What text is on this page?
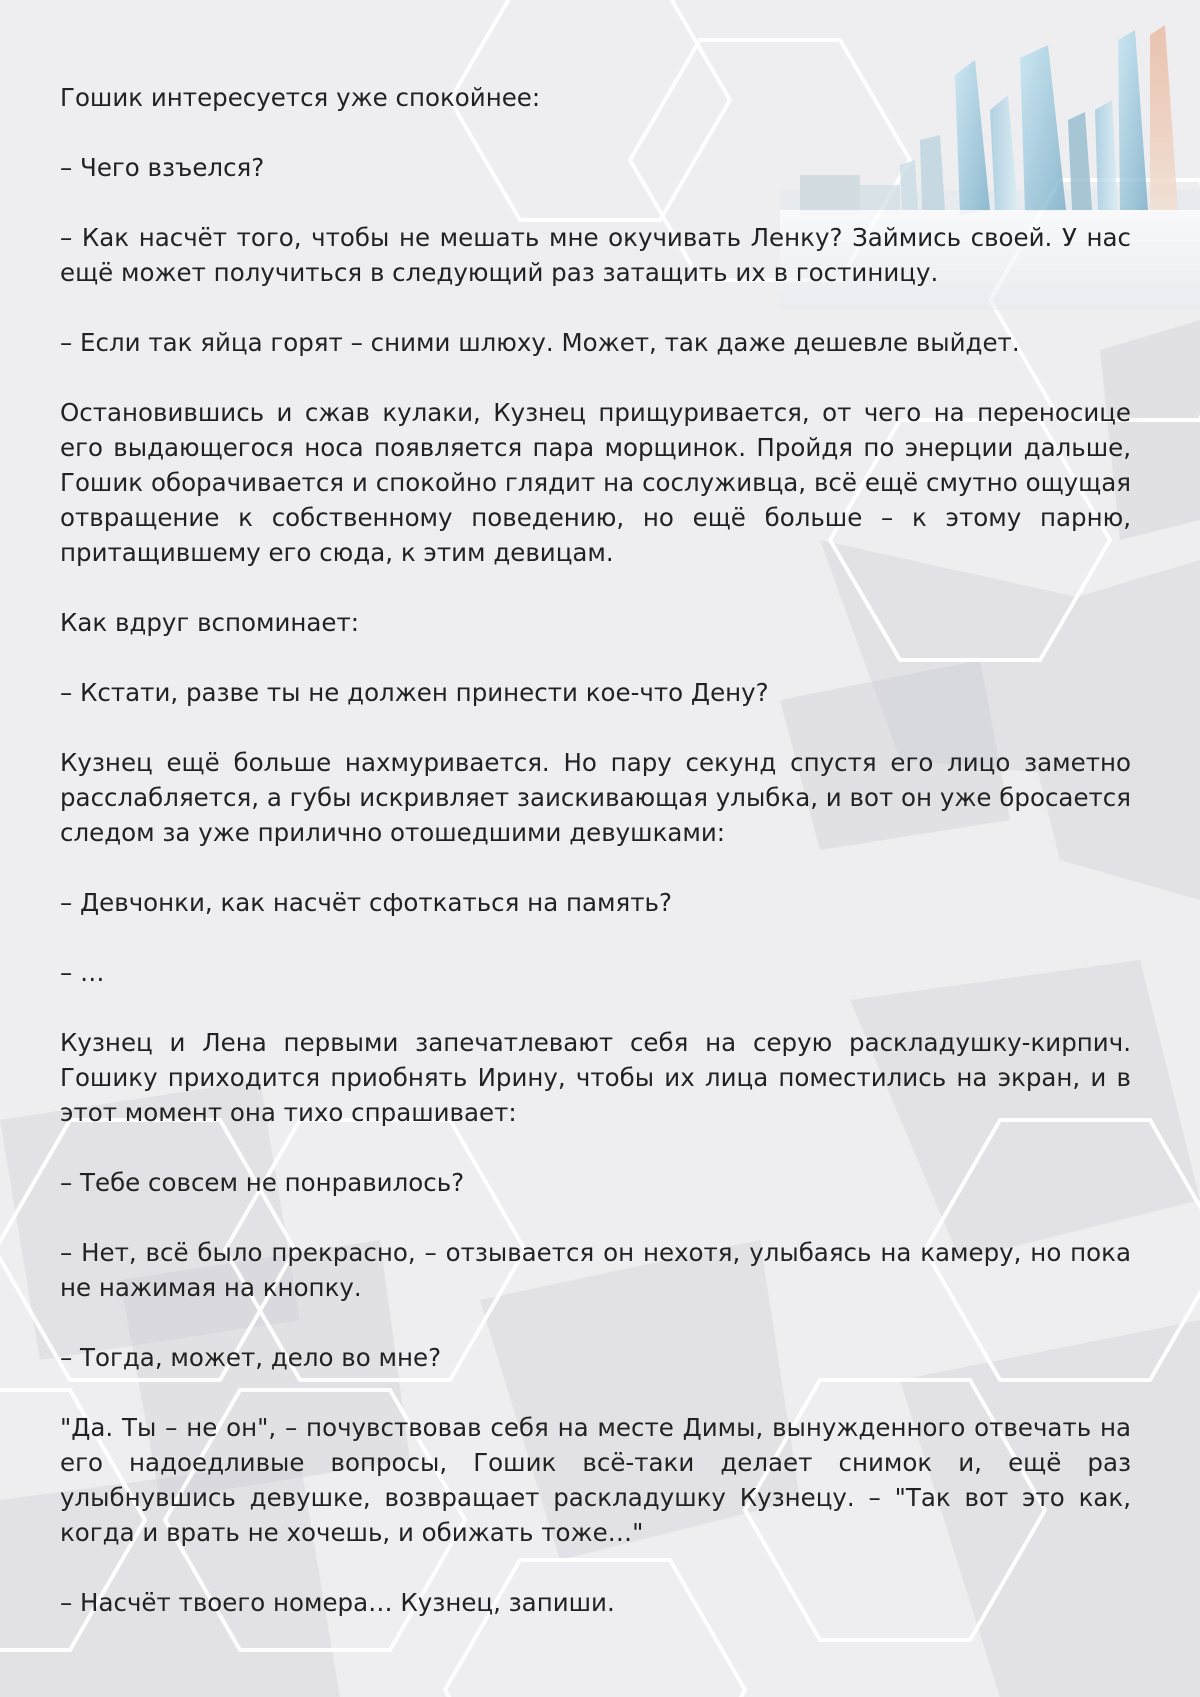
Гошик интересуется уже спокойнее:

– Чего взъелся?

– Как насчёт того, чтобы не мешать мне окучивать Ленку? Займись своей. У нас ещё может получиться в следующий раз затащить их в гостиницу.

– Если так яйца горят – сними шлюху. Может, так даже дешевле выйдет.

Остановившись и сжав кулаки, Кузнец прищуривается, от чего на переносице его выдающегося носа появляется пара морщинок. Пройдя по энерции дальше, Гошик оборачивается и спокойно глядит на сослуживца, всё ещё смутно ощущая отвращение к собственному поведению, но ещё больше – к этому парню, притащившему его сюда, к этим девицам.

Как вдруг вспоминает:

– Кстати, разве ты не должен принести кое-что Дену?

Кузнец ещё больше нахмуривается. Но пару секунд спустя его лицо заметно расслабляется, а губы искривляет заискивающая улыбка, и вот он уже бросается следом за уже прилично отошедшими девушками:

– Девчонки, как насчёт сфоткаться на память?

– …

Кузнец и Лена первыми запечатлевают себя на серую раскладушку-кирпич. Гошику приходится приобнять Ирину, чтобы их лица поместились на экран, и в этот момент она тихо спрашивает:

– Тебе совсем не понравилось?

– Нет, всё было прекрасно, – отзывается он нехотя, улыбаясь на камеру, но пока не нажимая на кнопку.

– Тогда, может, дело во мне?

"Да. Ты – не он", – почувствовав себя на месте Димы, вынужденного отвечать на его надоедливые вопросы, Гошик всё-таки делает снимок и, ещё раз улыбнувшись девушке, возвращает раскладушку Кузнецу. – "Так вот это как, когда и врать не хочешь, и обижать тоже…"

– Насчёт твоего номера… Кузнец, запиши.
